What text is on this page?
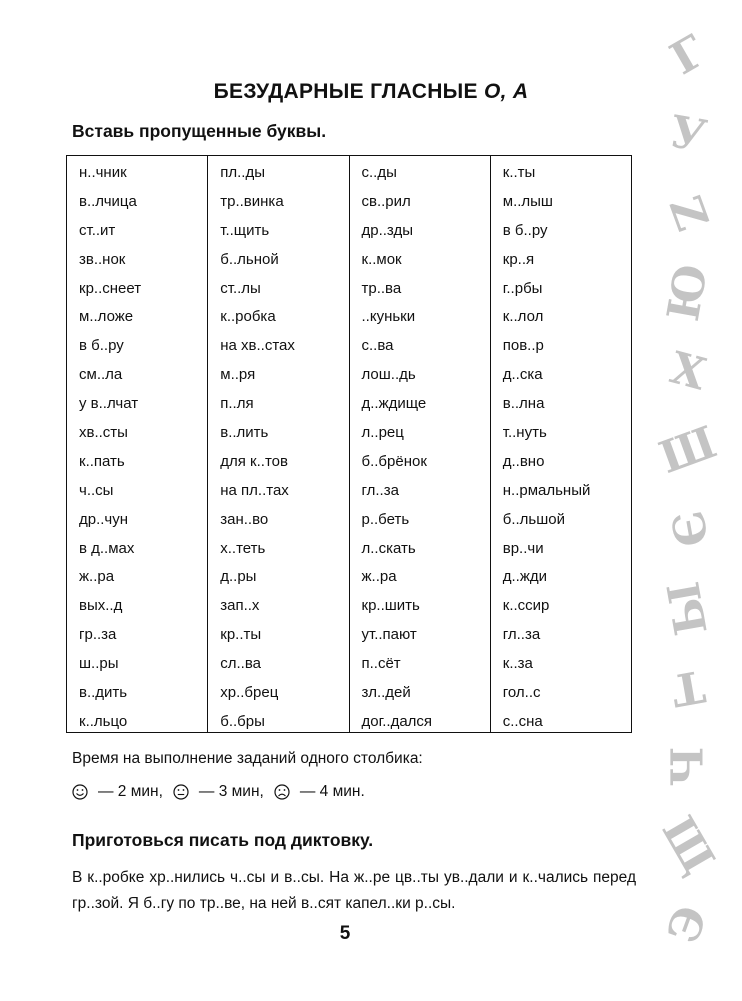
БЕЗУДАРНЫЕ ГЛАСНЫЕ О, А
Вставь пропущенные буквы.
н..чник
в..лчица
ст..ит
зв..нок
кр..снеет
м..ложе
в б..ру
см..ла
у в..лчат
хв..сты
к..пать
ч..сы
др..чун
в д..мах
ж..ра
вых..д
гр..за
ш..ры
в..дить
к..льцо
пл..ды
тр..винка
т..щить
б..льной
ст..лы
к..робка
на хв..стах
м..ря
п..ля
в..лить
для к..тов
на пл..тах
зан..во
х..теть
д..ры
зап..х
кр..ты
сл..ва
хр..брец
б..бры
с..ды
св..рил
др..зды
к..мок
тр..ва
..куньки
с..ва
лош..дь
д..ждище
л..рец
б..брёнок
гл..за
р..беть
л..скать
ж..ра
кр..шить
ут..пают
п..сёт
зл..дей
дог..дался
к..ты
м..лыш
в б..ру
кр..я
г..рбы
к..лол
пов..р
д..ска
в..лна
т..нуть
д..вно
н..рмальный
б..льшой
вр..чи
д..жди
к..ссир
гл..за
к..за
гол..с
с..сна
Время на выполнение заданий одного столбика:
— 2 мин, — 3 мин, — 4 мин.
Приготовься писать под диктовку.
В к..робке хр..нились ч..сы и в..сы. На ж..ре цв..ты ув..дали и к..чались перед гр..зой. Я б..гу по тр..ве, на ней в..сят капел..ки р..сы.
5
Г
У
Z
Ю
Х
Ш
Э
Ы
Т
Ч
Щ
Э
